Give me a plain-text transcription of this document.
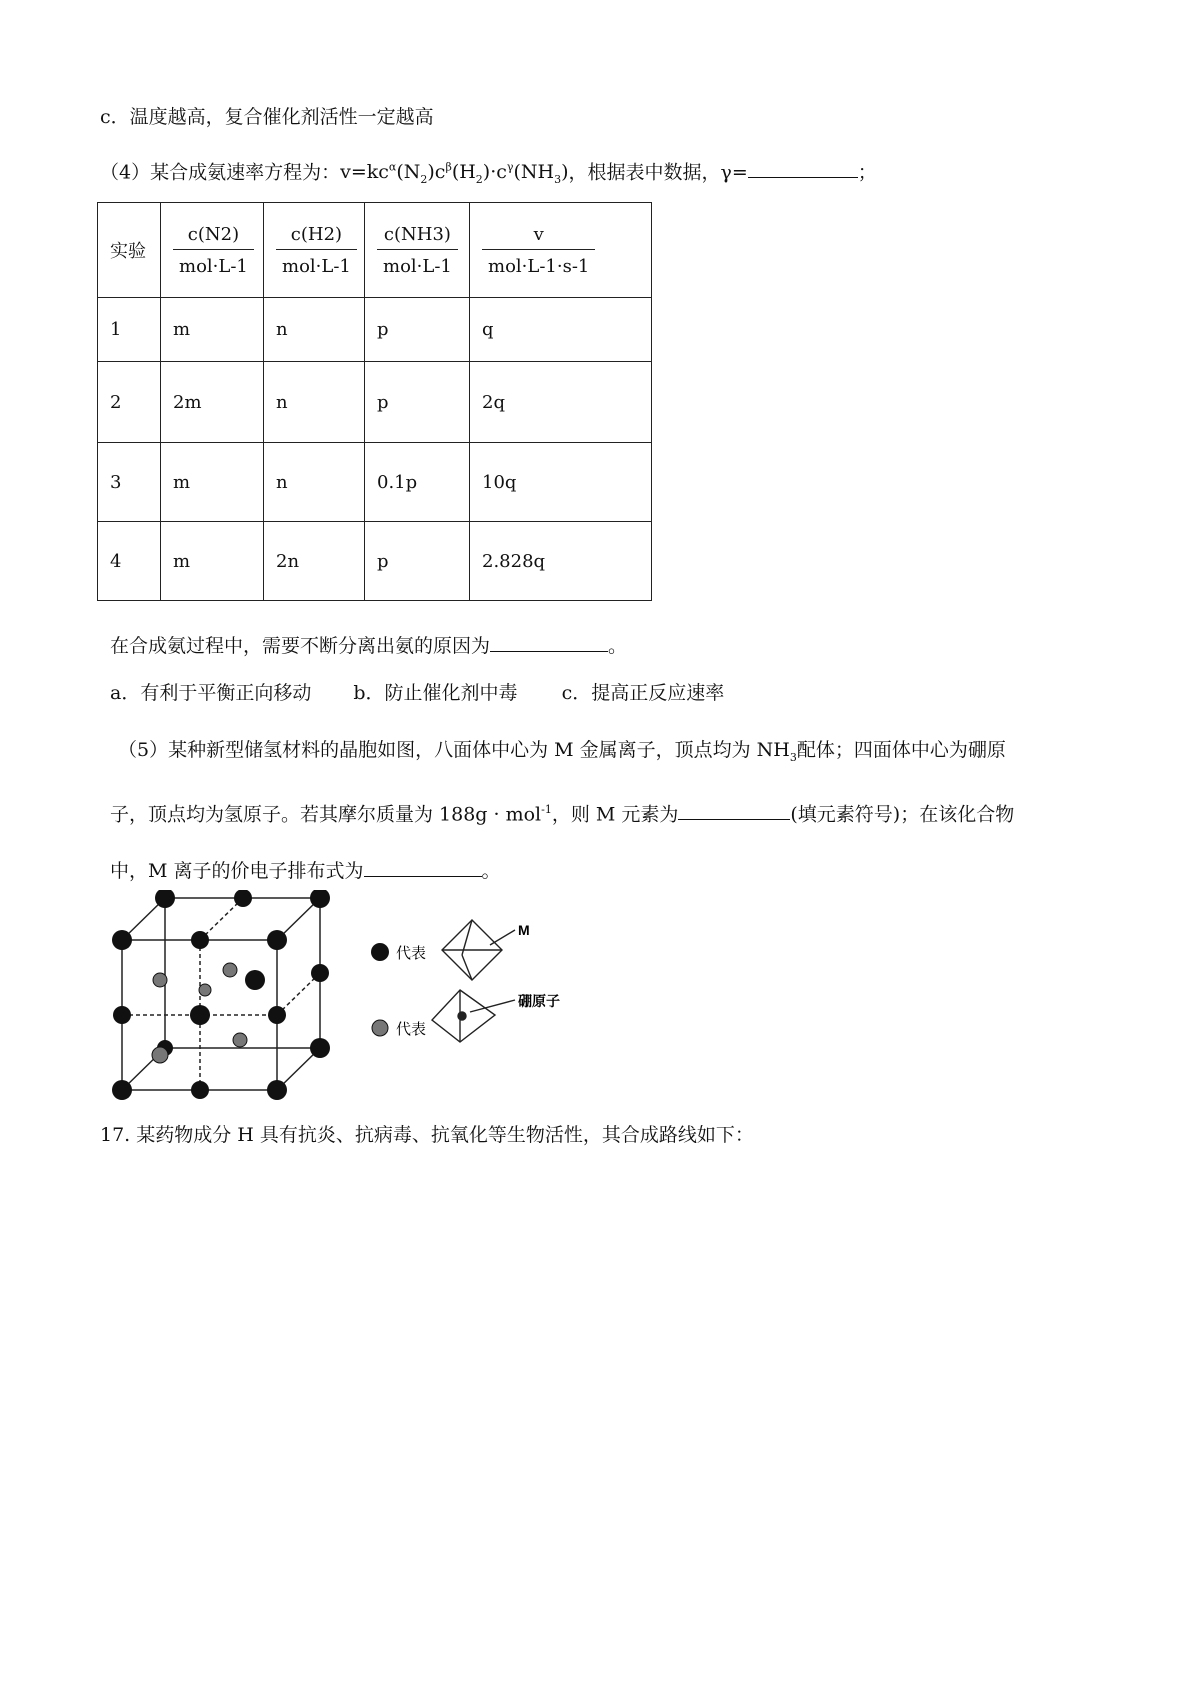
c．温度越高，复合催化剂活性一定越高
（4）某合成氨速率方程为：$v=kc^\alpha(N_2)c^\beta(H_2)\cdot c^\gamma(NH_3)$，根据表中数据，γ=	；
实验	$\frac{c(N2)}{\text{mol·L-1}}$	$\frac{c(H2)}{\text{mol·L-1}}$	$\frac{c(NH3)}{\text{mol·L-1}}$	$\frac{v}{\text{mol·L-1·s-1}}$

1	m	n	p	q
2	2m	n	p	2q
3	m	n	0.1p	10q
4	m	2n	p	2.828q
在合成氨过程中，需要不断分离出氨的原因为	。
a．有利于平衡正向移动 b．防止催化剂中毒 c．提高正反应速率
（5）某种新型储氢材料的晶胞如图，八面体中心为 M 金属离子，顶点均为 $NH_3$配体；四面体中心为硼原
子，顶点均为氢原子。若其摩尔质量为 188g · mol$^{-1}$，则 M 元素为	(填元素符号)；在该化合物
中，M 离子的价电子排布式为	。
代表
M
代表
硼原子
17. 某药物成分 H 具有抗炎、抗病毒、抗氧化等生物活性，其合成路线如下：
